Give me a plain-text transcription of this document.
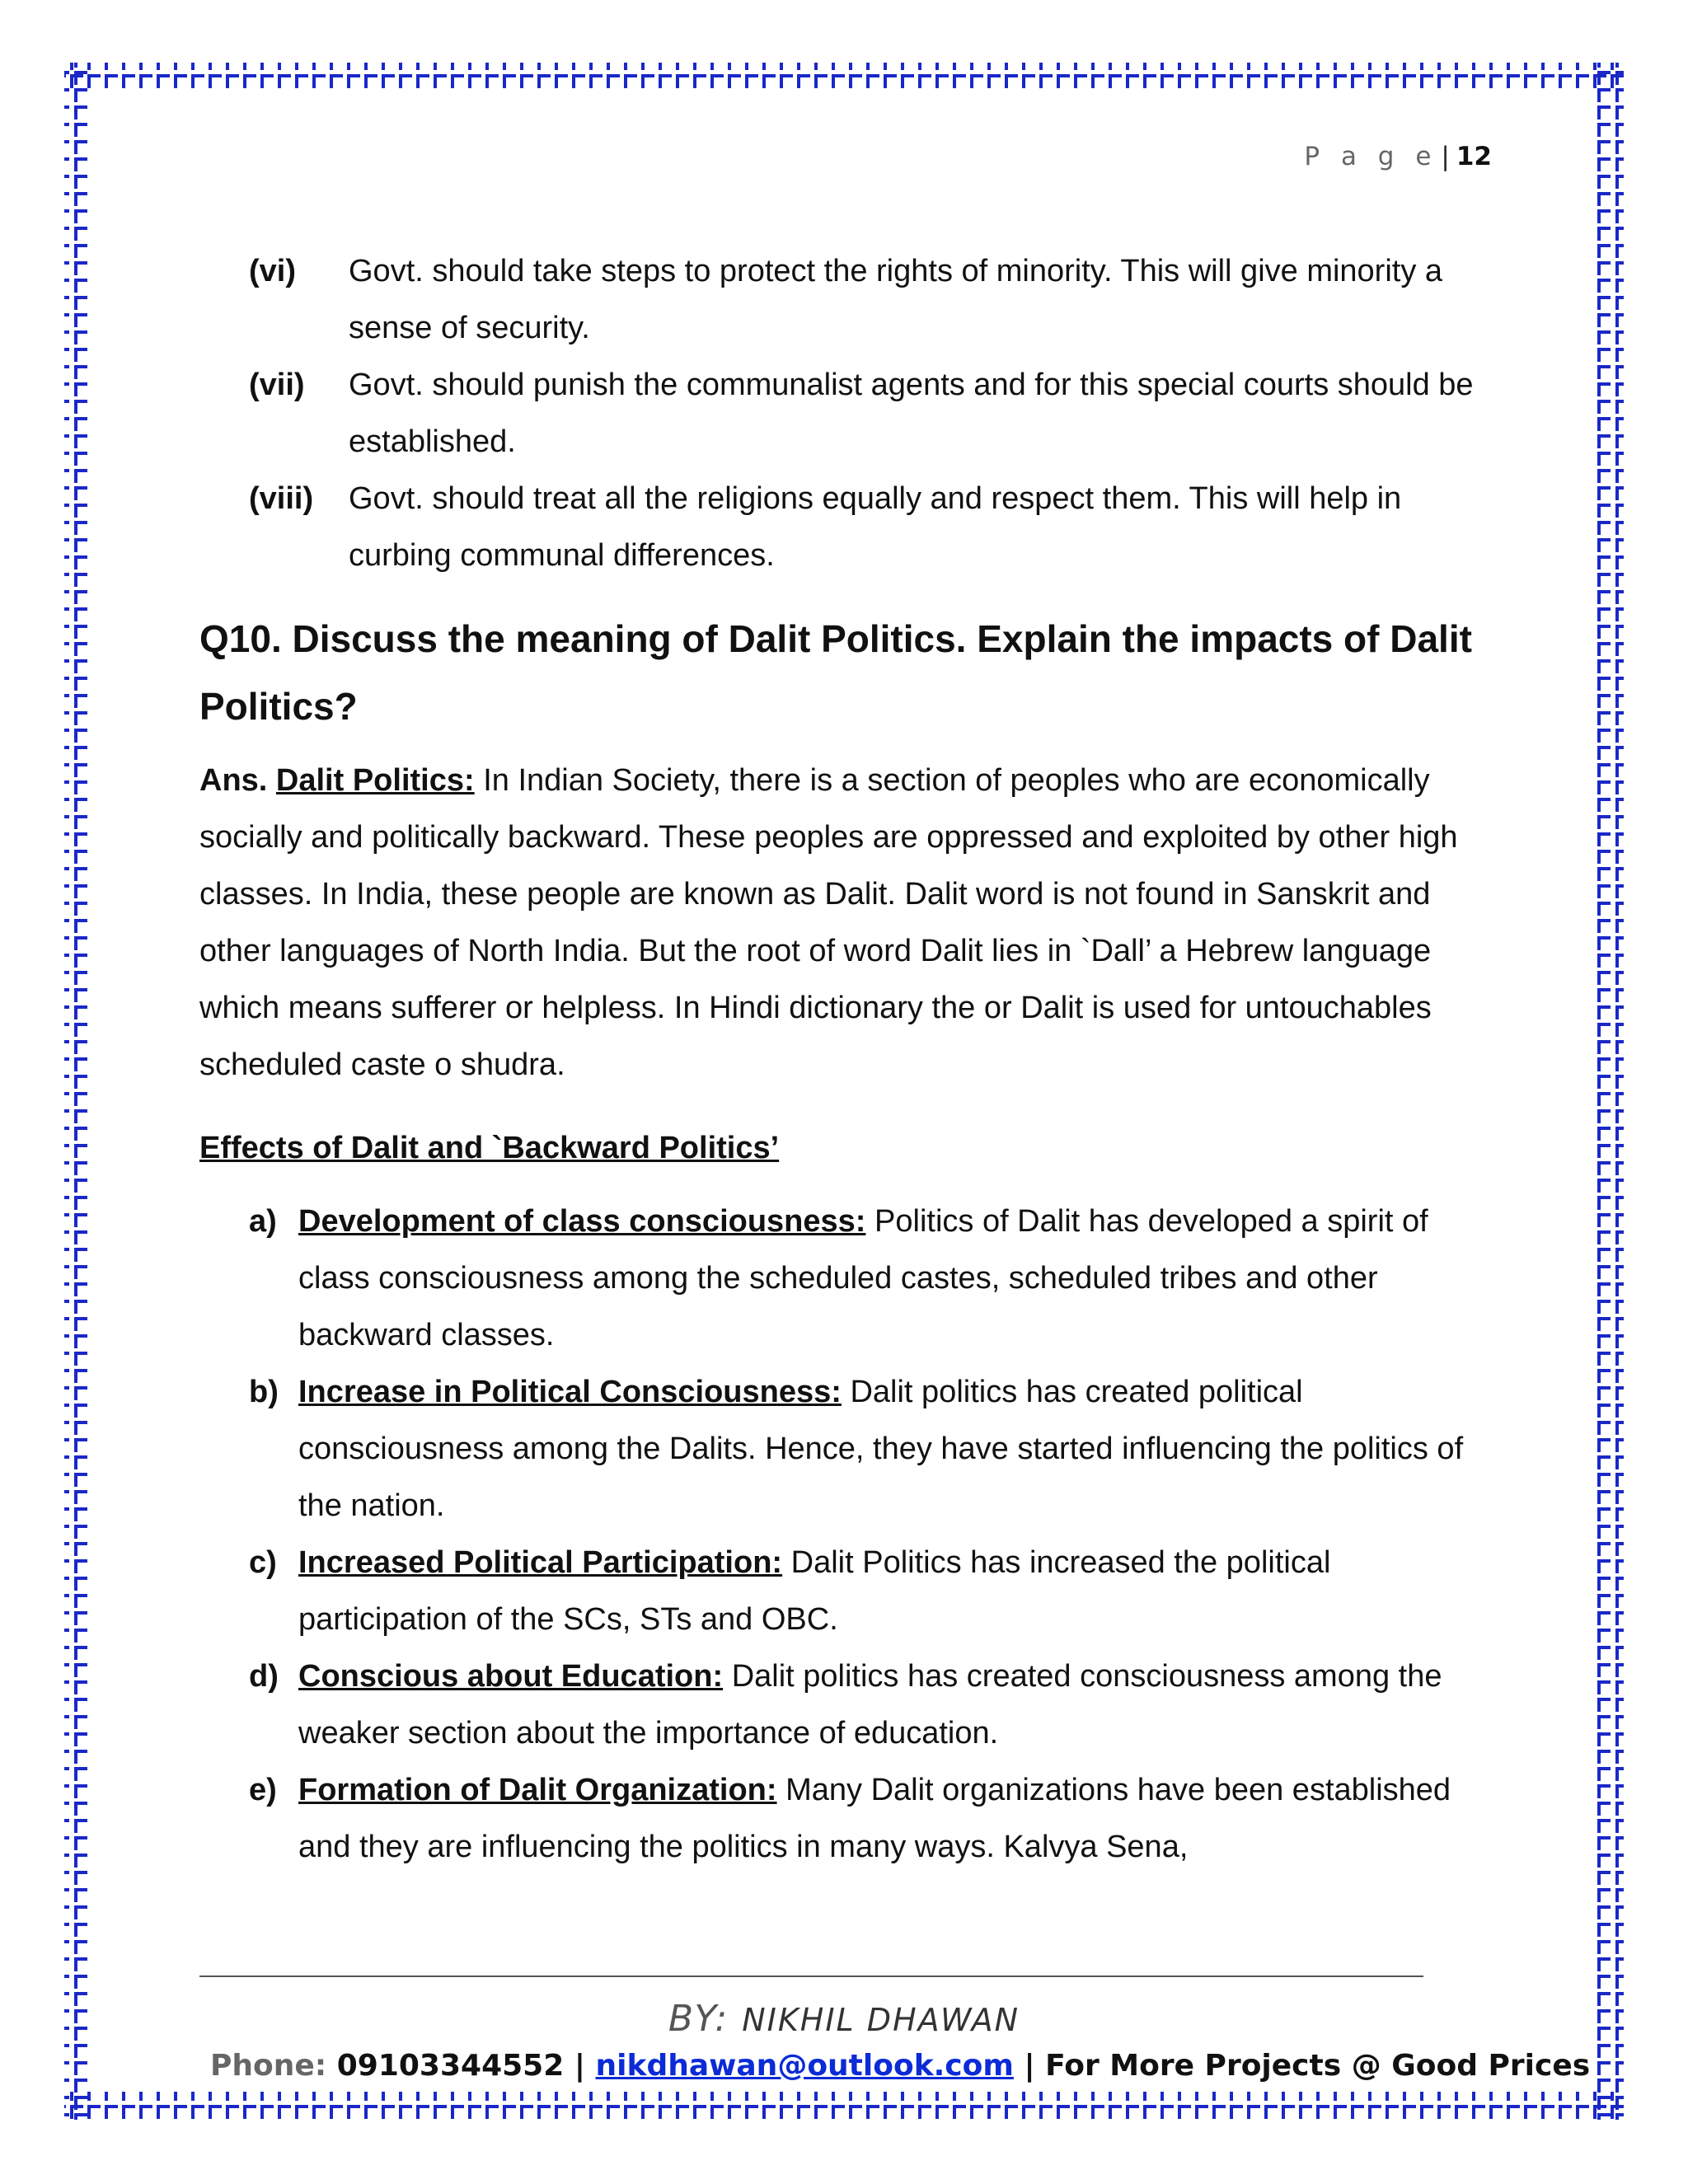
P a g e | 12
(vi) Govt. should take steps to protect the rights of minority. This will give minority a sense of security.
(vii) Govt. should punish the communalist agents and for this special courts should be established.
(viii) Govt. should treat all the religions equally and respect them. This will help in curbing communal differences.
Q10. Discuss the meaning of Dalit Politics. Explain the impacts of Dalit Politics?
Ans. Dalit Politics: In Indian Society, there is a section of peoples who are economically socially and politically backward. These peoples are oppressed and exploited by other high classes. In India, these people are known as Dalit. Dalit word is not found in Sanskrit and other languages of North India. But the root of word Dalit lies in `Dall’ a Hebrew language which means sufferer or helpless. In Hindi dictionary the or Dalit is used for untouchables scheduled caste o shudra.
Effects of Dalit and `Backward Politics’
a) Development of class consciousness: Politics of Dalit has developed a spirit of class consciousness among the scheduled castes, scheduled tribes and other backward classes.
b) Increase in Political Consciousness: Dalit politics has created political consciousness among the Dalits. Hence, they have started influencing the politics of the nation.
c) Increased Political Participation: Dalit Politics has increased the political participation of the SCs, STs and OBC.
d) Conscious about Education: Dalit politics has created consciousness among the weaker section about the importance of education.
e) Formation of Dalit Organization: Many Dalit organizations have been established and they are influencing the politics in many ways. Kalvya Sena,
BY: NIKHIL DHAWAN
Phone: 09103344552 | nikdhawan@outlook.com | For More Projects @ Good Prices
